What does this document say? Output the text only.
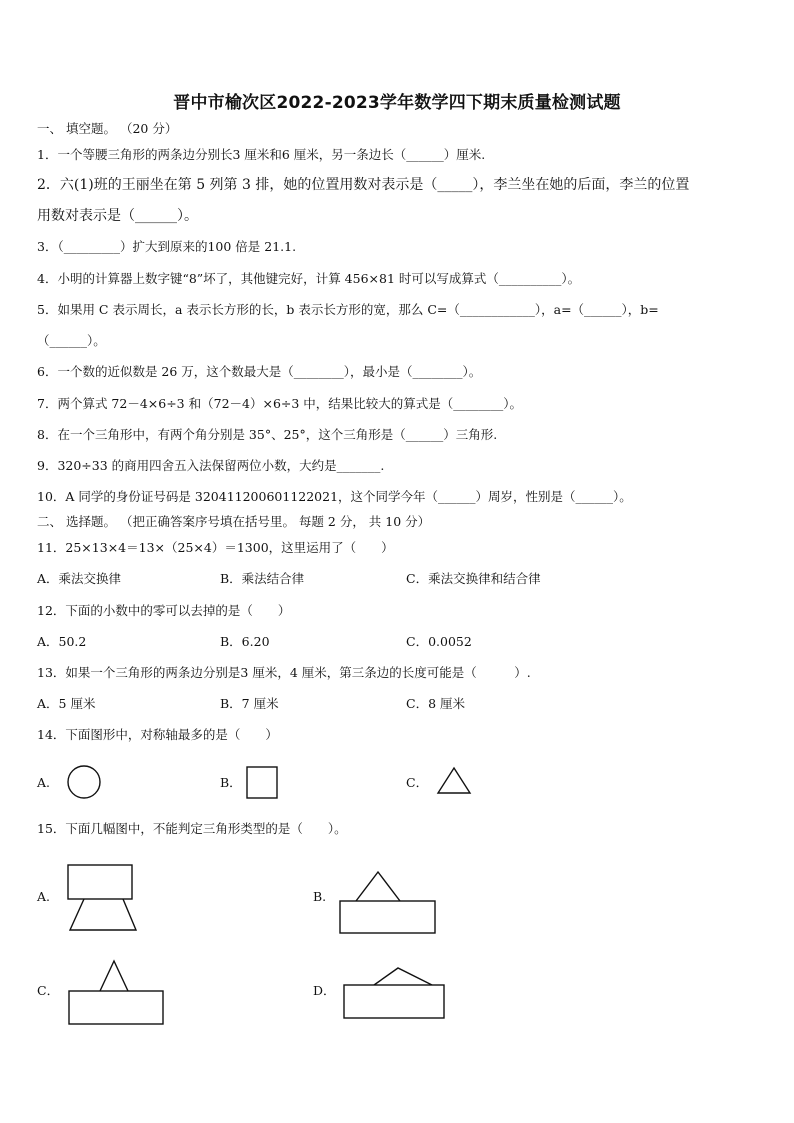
晋中市榆次区2022-2023学年数学四下期末质量检测试题
一、 填空题。 （20 分）
1．一个等腰三角形的两条边分别长3 厘米和6 厘米，另一条边长（______）厘米.
2．六(1)班的王丽坐在第 5 列第 3 排，她的位置用数对表示是（_____），李兰坐在她的后面，李兰的位置
用数对表示是（______）。
3．（_________）扩大到原来的100 倍是 21.1.
4．小明的计算器上数字键“8”坏了，其他键完好，计算 456×81 时可以写成算式（__________）。
5．如果用 C 表示周长，a 表示长方形的长，b 表示长方形的宽，那么 C=（____________），a=（______），b=
（______）。
6．一个数的近似数是 26 万，这个数最大是（________），最小是（________）。
7．两个算式 72－4×6÷3 和（72－4）×6÷3 中，结果比较大的算式是（________）。
8．在一个三角形中，有两个角分别是 35°、25°，这个三角形是（______）三角形.
9．320÷33 的商用四舍五入法保留两位小数，大约是_______.
10．A 同学的身份证号码是 320411200601122021，这个同学今年（______）周岁，性别是（______）。
二、 选择题。 （把正确答案序号填在括号里。 每题 2 分， 共 10 分）
11．25×13×4＝13×（25×4）＝1300，这里运用了（　　）
A．乘法交换律	B．乘法结合律	C．乘法交换律和结合律
12．下面的小数中的零可以去掉的是（　　）
A．50.2	B．6.20	C．0.0052
13．如果一个三角形的两条边分别是3 厘米，4 厘米，第三条边的长度可能是（　　　）.
A．5 厘米	B．7 厘米	C．8 厘米
14．下面图形中，对称轴最多的是（　　）
A.	B．	C．
15．下面几幅图中，不能判定三角形类型的是（　　）。
A.	B.
C．	D．
